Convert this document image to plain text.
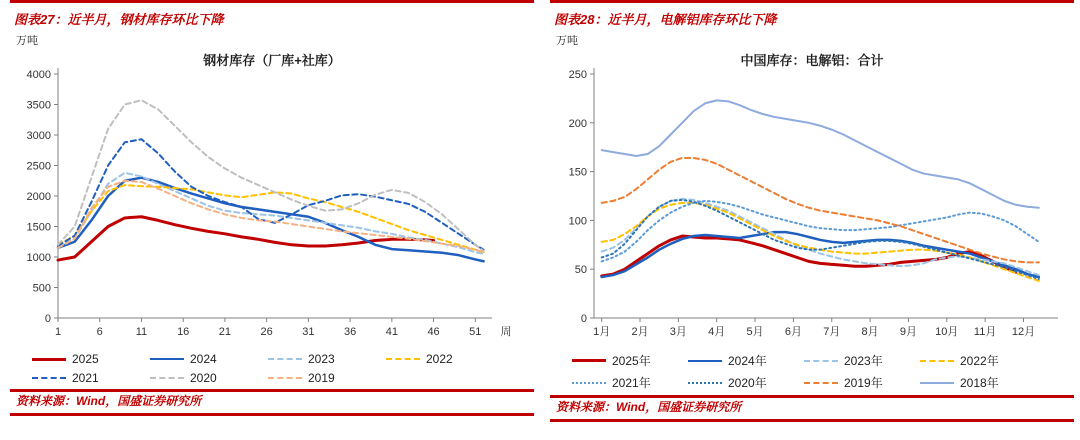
图表27：近半月，钢材库存环比下降
万吨
钢材库存（厂库+社库）
0
500
1000
1500
2000
2500
3000
3500
4000
1	6	11	16	21	26	31	36	41	46	51 周
2025	2024	2023	2022
2021	2020	2019
资料来源：Wind，国盛证券研究所
图表28：近半月，电解铝库存环比下降
万吨
中国库存：电解铝：合计
0
50
100
150
200
250
1月 2月 3月 4月 5月 6月 7月 8月 9月 10月 11月 12月
2025年	2024年	2023年	2022年
2021年	2020年	2019年	2018年
资料来源：Wind，国盛证券研究所
